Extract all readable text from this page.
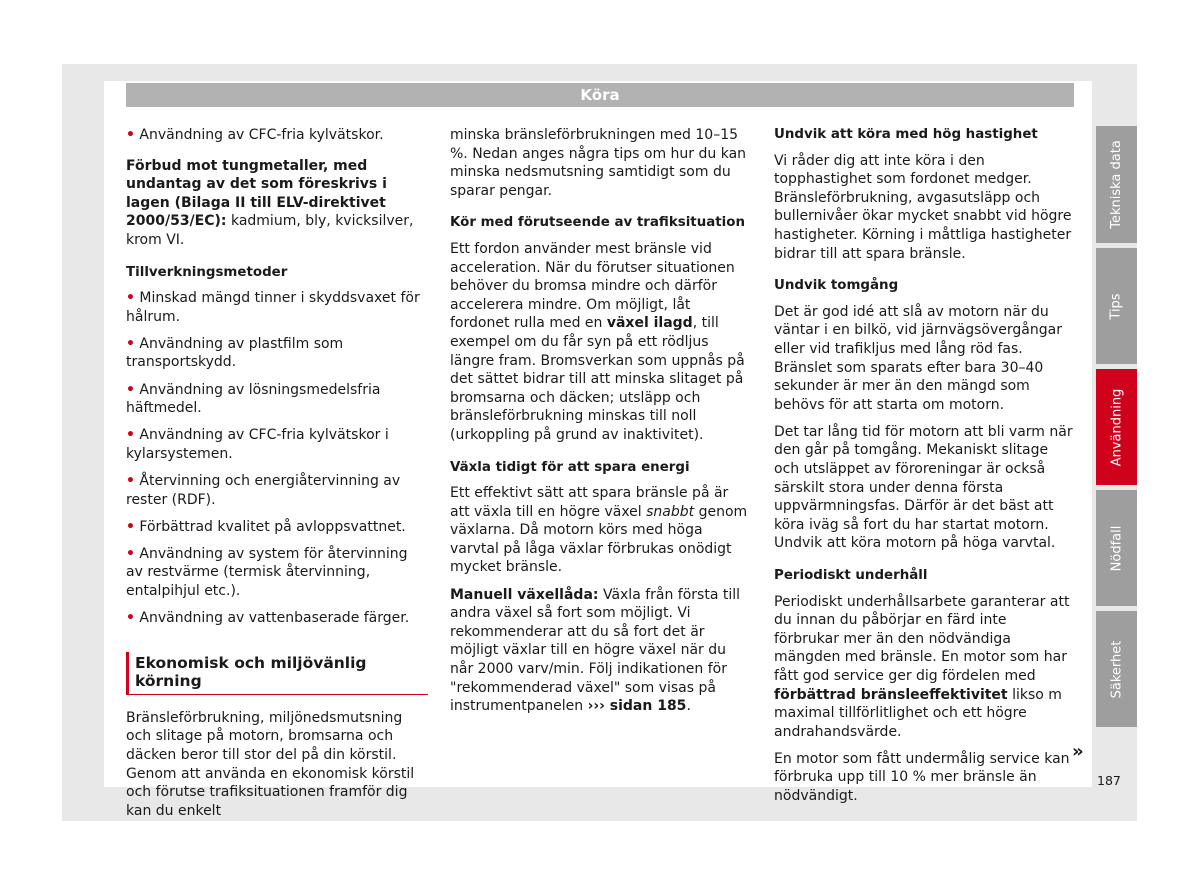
Köra

• Användning av CFC-fria kylvätskor.

Förbud mot tungmetaller, med undantag av det som föreskrivs i lagen (Bilaga II till ELV-direktivet 2000/53/EC): kadmium, bly, kvicksilver, krom VI.

Tillverkningsmetoder

• Minskad mängd tinner i skyddsvaxet för hålrum.

• Användning av plastfilm som transportskydd.

• Användning av lösningsmedelsfria häftmedel.

• Användning av CFC-fria kylvätskor i kylarsystemen.

• Återvinning och energiåtervinning av rester (RDF).

• Förbättrad kvalitet på avloppsvattnet.

• Användning av system för återvinning av restvärme (termisk återvinning, entalpihjul etc.).

• Användning av vattenbaserade färger.

Ekonomisk och miljövänlig körning

Bränsleförbrukning, miljönedsmutsning och slitage på motorn, bromsarna och däcken beror till stor del på din körstil. Genom att använda en ekonomisk körstil och förutse trafiksituationen framför dig kan du enkelt

minska bränsleförbrukningen med 10–15 %. Nedan anges några tips om hur du kan minska nedsmutsning samtidigt som du sparar pengar.

Kör med förutseende av trafiksituation

Ett fordon använder mest bränsle vid acceleration. När du förutser situationen behöver du bromsa mindre och därför accelerera mindre. Om möjligt, låt fordonet rulla med en växel ilagd, till exempel om du får syn på ett rödljus längre fram. Bromsverkan som uppnås på det sättet bidrar till att minska slitaget på bromsarna och däcken; utsläpp och bränsleförbrukning minskas till noll (urkoppling på grund av inaktivitet).

Växla tidigt för att spara energi

Ett effektivt sätt att spara bränsle på är att växla till en högre växel snabbt genom växlarna. Då motorn körs med höga varvtal på låga växlar förbrukas onödigt mycket bränsle.

Manuell växellåda: Växla från första till andra växel så fort som möjligt. Vi rekommenderar att du så fort det är möjligt växlar till en högre växel när du når 2000 varv/min. Följ indikationen för "rekommenderad växel" som visas på instrumentpanelen ››› sidan 185.

Undvik att köra med hög hastighet

Vi råder dig att inte köra i den topphastighet som fordonet medger. Bränsleförbrukning, avgasutsläpp och bullernivåer ökar mycket snabbt vid högre hastigheter. Körning i måttliga hastigheter bidrar till att spara bränsle.

Undvik tomgång

Det är god idé att slå av motorn när du väntar i en bilkö, vid järnvägsövergångar eller vid trafikljus med lång röd fas. Bränslet som sparats efter bara 30–40 sekunder är mer än den mängd som behövs för att starta om motorn.

Det tar lång tid för motorn att bli varm när den går på tomgång. Mekaniskt slitage och utsläppet av föroreningar är också särskilt stora under denna första uppvärmningsfas. Därför är det bäst att köra iväg så fort du har startat motorn. Undvik att köra motorn på höga varvtal.

Periodiskt underhåll

Periodiskt underhållsarbete garanterar att du innan du påbörjar en färd inte förbrukar mer än den nödvändiga mängden med bränsle. En motor som har fått god service ger dig fördelen med förbättrad bränsleeffektivitet likso m maximal tillförlitlighet och ett högre andrahandsvärde.

En motor som fått undermålig service kan förbruka upp till 10 % mer bränsle än nödvändigt.

»
Tekniska data
Tips
Användning
Nödfall
Säkerhet
187
